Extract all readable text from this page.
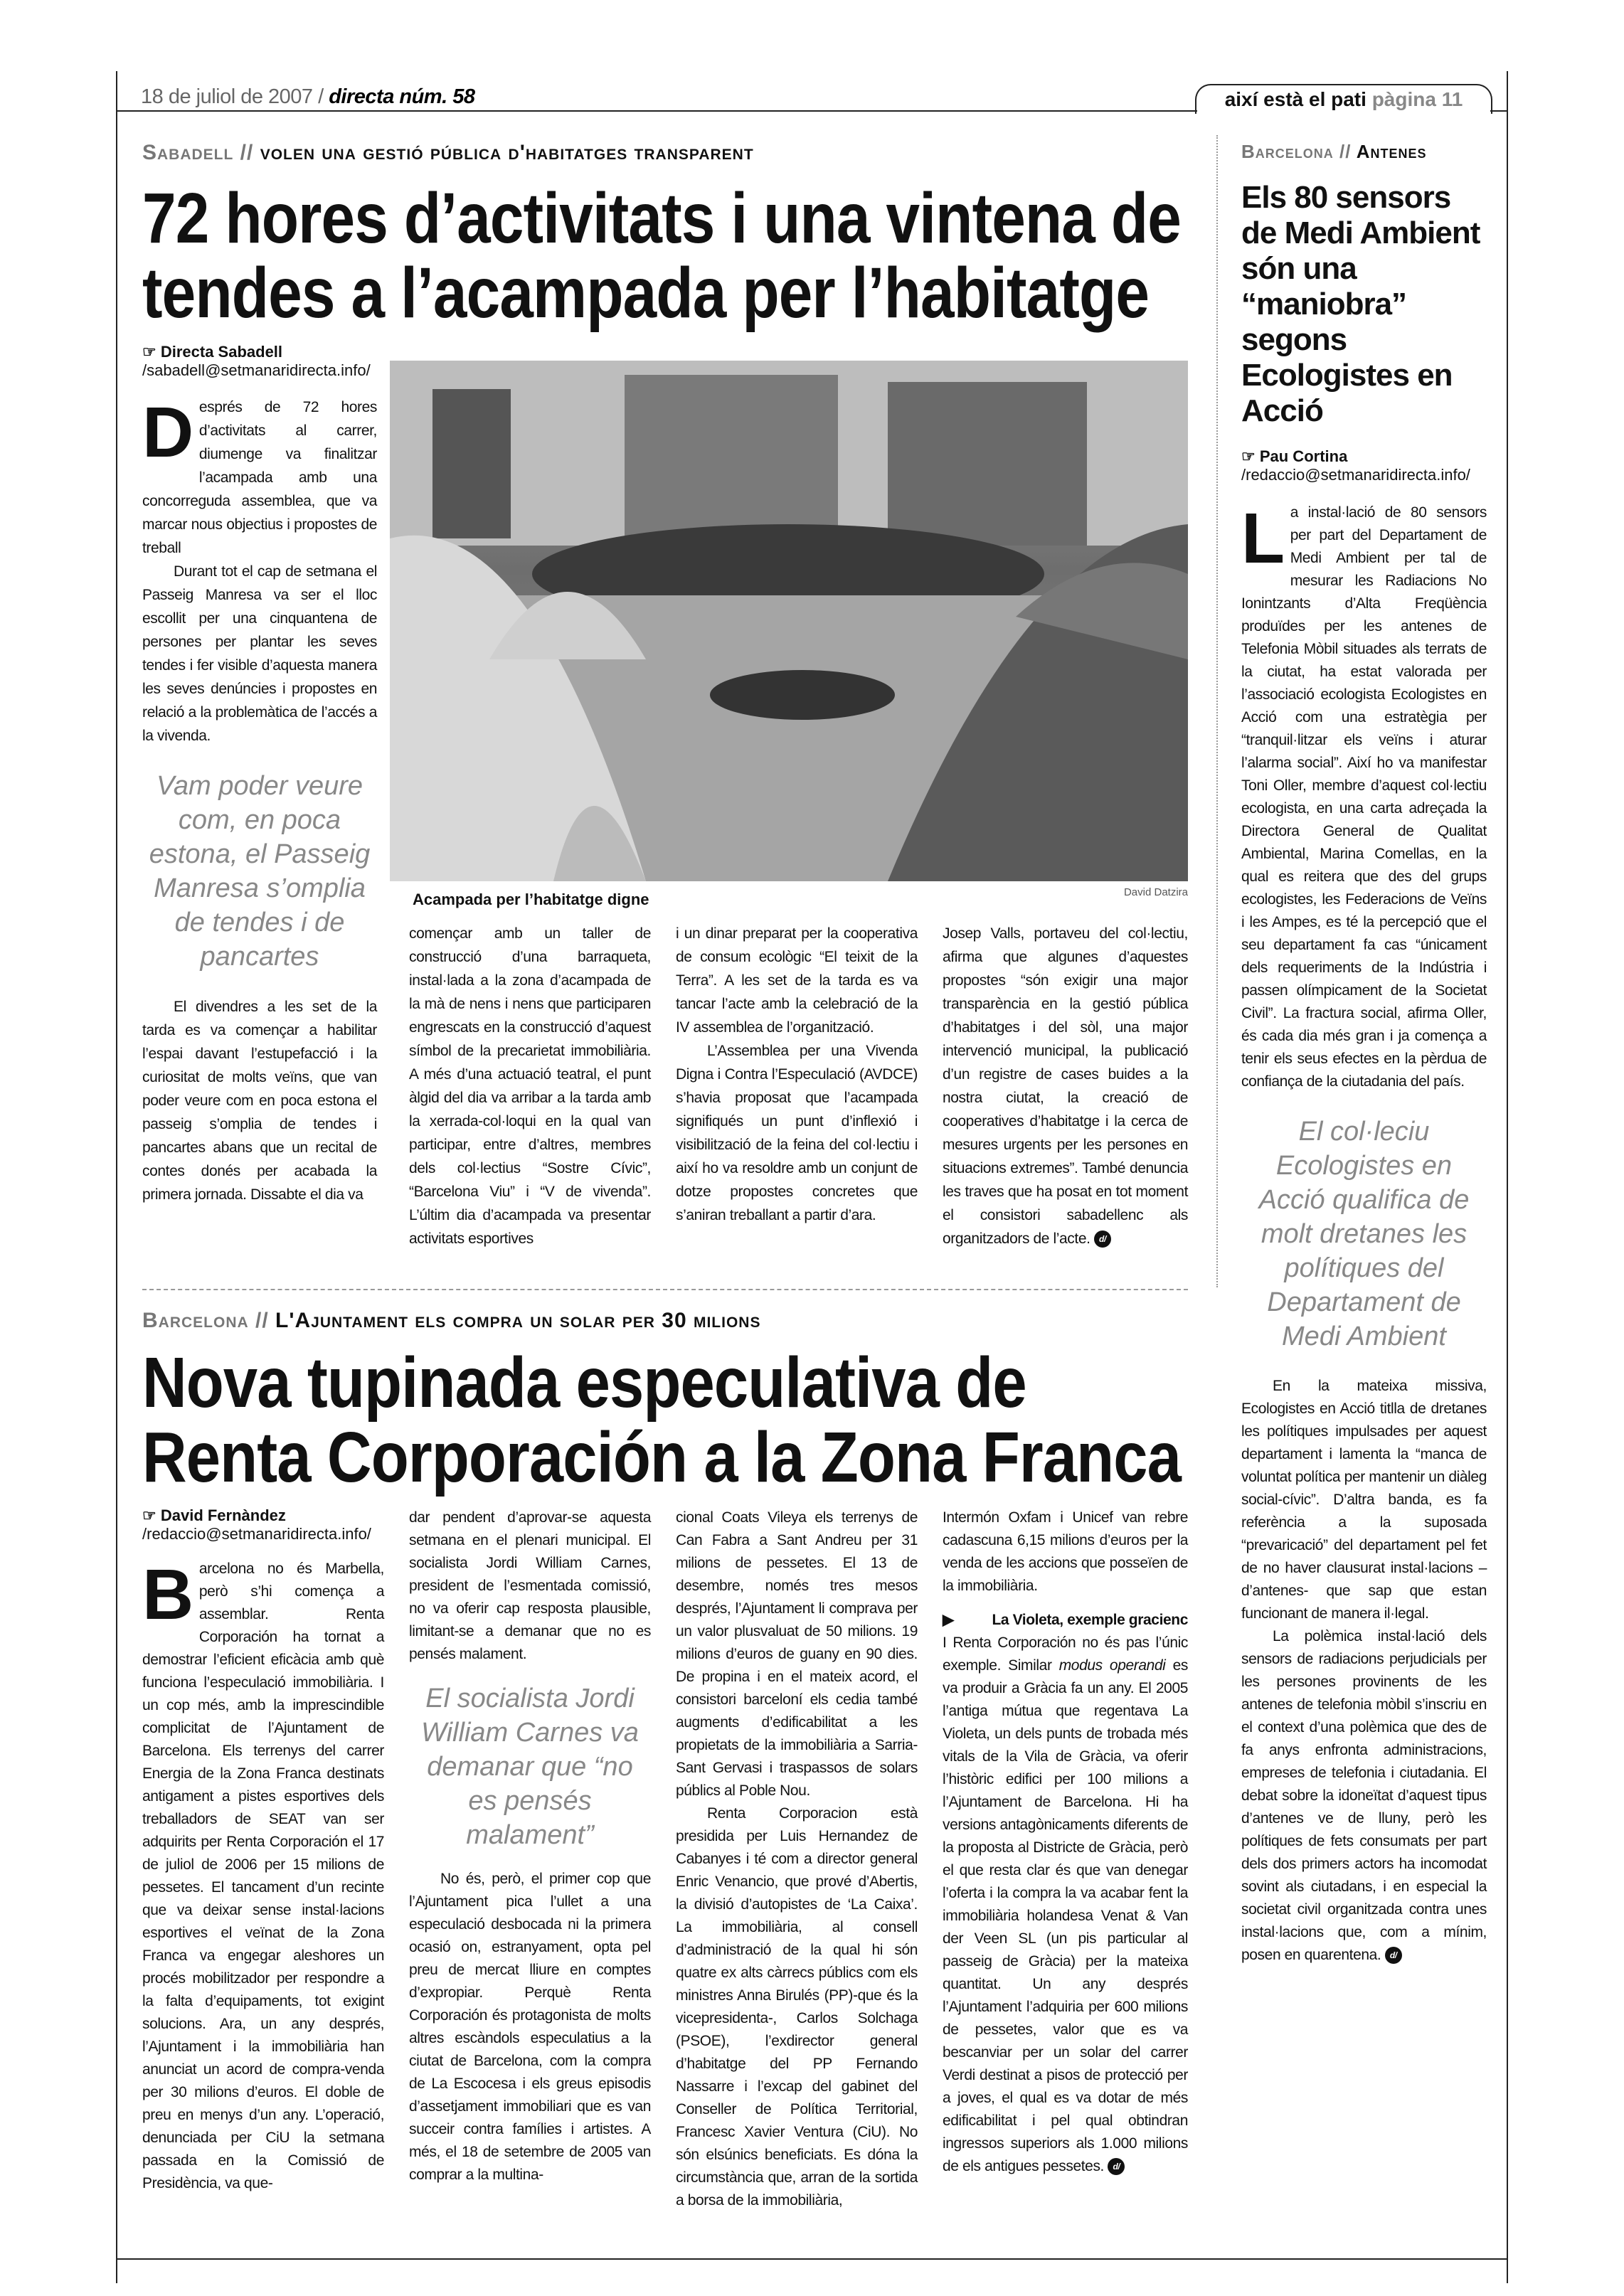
18 de juliol de 2007 / directa núm. 58	així està el pati pàgina 11
Sabadell // volen una gestió pública d'habitatges transparent
72 hores d’activitats i una vintena de
tendes a l’acampada per l’habitatge
☞ Directa Sabadell
/sabadell@setmanaridirecta.info/

Després de 72 hores d’activitats al carrer, diumenge va finalitzar l’acampada amb una concorreguda assemblea, que va marcar nous objectius i propostes de treball

Durant tot el cap de setmana el Passeig Manresa va ser el lloc escollit per una cinquantena de persones per plantar les seves tendes i fer visible d’aquesta manera les seves denúncies i propostes en relació a la problemàtica de l’accés a la vivenda.

Vam poder veure com, en poca estona, el Passeig Manresa s’omplia de tendes i de pancartes

El divendres a les set de la tarda es va començar a habilitar l’espai davant l’estupefacció i la curiositat de molts veïns, que van poder veure com en poca estona el passeig s’omplia de tendes i pancartes abans que un recital de contes donés per acabada la primera jornada. Dissabte el dia va

Acampada per l’habitatge digne	David Datzira

començar amb un taller de construcció d’una barraqueta, instal·lada a la zona d’acampada de la mà de nens i nens que participaren engrescats en la construcció d’aquest símbol de la precarietat immobiliària. A més d’una actuació teatral, el punt àlgid del dia va arribar a la tarda amb la xerrada-col·loqui en la qual van participar, entre d’altres, membres dels col·lectius “Sostre Cívic”, “Barcelona Viu” i “V de vivenda”. L’últim dia d’acampada va presentar activitats esportives

i un dinar preparat per la cooperativa de consum ecològic “El teixit de la Terra”. A les set de la tarda es va tancar l’acte amb la celebració de la IV assemblea de l’organització.

L’Assemblea per una Vivenda Digna i Contra l’Especulació (AVDCE) s’havia proposat que l’acampada signifiqués un punt d’inflexió i visibilització de la feina del col·lectiu i així ho va resoldre amb un conjunt de dotze propostes concretes que s’aniran treballant a partir d’ara.

Josep Valls, portaveu del col·lectiu, afirma que algunes d’aquestes propostes “són exigir una major transparència en la gestió pública d’habitatges i del sòl, una major intervenció municipal, la publicació d’un registre de cases buides a la nostra ciutat, la creació de cooperatives d’habitatge i la cerca de mesures urgents per les persones en situacions extremes”. També denuncia les traves que ha posat en tot moment el consistori sabadellenc als organitzadors de l’acte. d/

Barcelona // L'Ajuntament els compra un solar per 30 milions
Nova tupinada especulativa de
Renta Corporación a la Zona Franca
☞ David Fernàndez
/redaccio@setmanaridirecta.info/

Barcelona no és Marbella, però s’hi comença a assemblar. Renta Corporación ha tornat a demostrar l’eficient eficàcia amb què funciona l’especulació immobiliària. I un cop més, amb la imprescindible complicitat de l’Ajuntament de Barcelona. Els terrenys del carrer Energia de la Zona Franca destinats antigament a pistes esportives dels treballadors de SEAT van ser adquirits per Renta Corporación el 17 de juliol de 2006 per 15 milions de pessetes. El tancament d’un recinte que va deixar sense instal·lacions esportives el veïnat de la Zona Franca va engegar aleshores un procés mobilitzador per respondre a la falta d’equipaments, tot exigint solucions. Ara, un any després, l’Ajuntament i la immobiliària han anunciat un acord de compra-venda per 30 milions d’euros. El doble de preu en menys d’un any. L’operació, denunciada per CiU la setmana passada en la Comissió de Presidència, va que-

dar pendent d’aprovar-se aquesta setmana en el plenari municipal. El socialista Jordi William Carnes, president de l’esmentada comissió, no va oferir cap resposta plausible, limitant-se a demanar que no es pensés malament.

El socialista Jordi William Carnes va demanar que “no es pensés malament”

No és, però, el primer cop que l’Ajuntament pica l’ullet a una especulació desbocada ni la primera ocasió on, estranyament, opta pel preu de mercat lliure en comptes d’expropiar. Perquè Renta Corporación és protagonista de molts altres escàndols especulatius a la ciutat de Barcelona, com la compra de La Escocesa i els greus episodis d’assetjament immobiliari que es van succeir contra famílies i artistes. A més, el 18 de setembre de 2005 van comprar a la multina-

cional Coats Vileya els terrenys de Can Fabra a Sant Andreu per 31 milions de pessetes. El 13 de desembre, només tres mesos després, l’Ajuntament li comprava per un valor plusvaluat de 50 milions. 19 milions d’euros de guany en 90 dies. De propina i en el mateix acord, el consistori barceloní els cedia també augments d’edificabilitat a les propietats de la immobiliària a Sarria-Sant Gervasi i traspassos de solars públics al Poble Nou.

Renta Corporacion està presidida per Luis Hernandez de Cabanyes i té com a director general Enric Venancio, que prové d’Abertis, la divisió d’autopistes de ‘La Caixa’. La immobiliària, al consell d’administració de la qual hi són quatre ex alts càrrecs públics com els ministres Anna Birulés (PP)-que és la vicepresidenta-, Carlos Solchaga (PSOE), l’exdirector general d’habitatge del PP Fernando Nassarre i l’excap del gabinet del Conseller de Política Territorial, Francesc Xavier Ventura (CiU). No són elsúnics beneficiats. Es dóna la circumstància que, arran de la sortida a borsa de la immobiliària,

Intermón Oxfam i Unicef van rebre cadascuna 6,15 milions d’euros per la venda de les accions que posseïen de la immobiliària.

▶	La Violeta, exemple gracienc

I Renta Corporación no és pas l’únic exemple. Similar modus operandi es va produir a Gràcia fa un any. El 2005 l’antiga mútua que regentava La Violeta, un dels punts de trobada més vitals de la Vila de Gràcia, va oferir l’històric edifici per 100 milions a l’Ajuntament de Barcelona. Hi ha versions antagònicaments diferents de la proposta al Districte de Gràcia, però el que resta clar és que van denegar l’oferta i la compra la va acabar fent la immobiliària holandesa Venat & Van der Veen SL (un pis particular al passeig de Gràcia) per la mateixa quantitat. Un any després l’Ajuntament l’adquiria per 600 milions de pessetes, valor que es va bescanviar per un solar del carrer Verdi destinat a pisos de protecció per a joves, el qual es va dotar de més edificabilitat i pel qual obtindran ingressos superiors als 1.000 milions de els antigues pessetes. d/

Barcelona // Antenes
Els 80 sensors de Medi Ambient són una “maniobra” segons Ecologistes en Acció
☞ Pau Cortina
/redaccio@setmanaridirecta.info/

La instal·lació de 80 sensors per part del Departament de Medi Ambient per tal de mesurar les Radiacions No Ionintzants d’Alta Freqüència produïdes per les antenes de Telefonia Mòbil situades als terrats de la ciutat, ha estat valorada per l’associació ecologista Ecologistes en Acció com una estratègia per “tranquil·litzar els veïns i aturar l’alarma social”. Així ho va manifestar Toni Oller, membre d’aquest col·lectiu ecologista, en una carta adreçada la Directora General de Qualitat Ambiental, Marina Comellas, en la qual es reitera que des del grups ecologistes, les Federacions de Veïns i les Ampes, es té la percepció que el seu departament fa cas “únicament dels requeriments de la Indústria i passen olímpicament de la Societat Civil”. La fractura social, afirma Oller, és cada dia més gran i ja comença a tenir els seus efectes en la pèrdua de confiança de la ciutadania del país.

El col·leciu Ecologistes en Acció qualifica de molt dretanes les polítiques del Departament de Medi Ambient

En la mateixa missiva, Ecologistes en Acció titlla de dretanes les polítiques impulsades per aquest departament i lamenta la “manca de voluntat política per mantenir un diàleg social-cívic”. D’altra banda, es fa referència a la suposada “prevaricació” del departament pel fet de no haver clausurat instal·lacions –d’antenes- que sap que estan funcionant de manera il·legal.

La polèmica instal·lació dels sensors de radiacions perjudicials per les persones provinents de les antenes de telefonia mòbil s’inscriu en el context d’una polèmica que des de fa anys enfronta administracions, empreses de telefonia i ciutadania. El debat sobre la idoneïtat d’aquest tipus d’antenes ve de lluny, però les polítiques de fets consumats per part dels dos primers actors ha incomodat sovint als ciutadans, i en especial la societat civil organitzada contra unes instal·lacions que, com a mínim, posen en quarentena. d/
